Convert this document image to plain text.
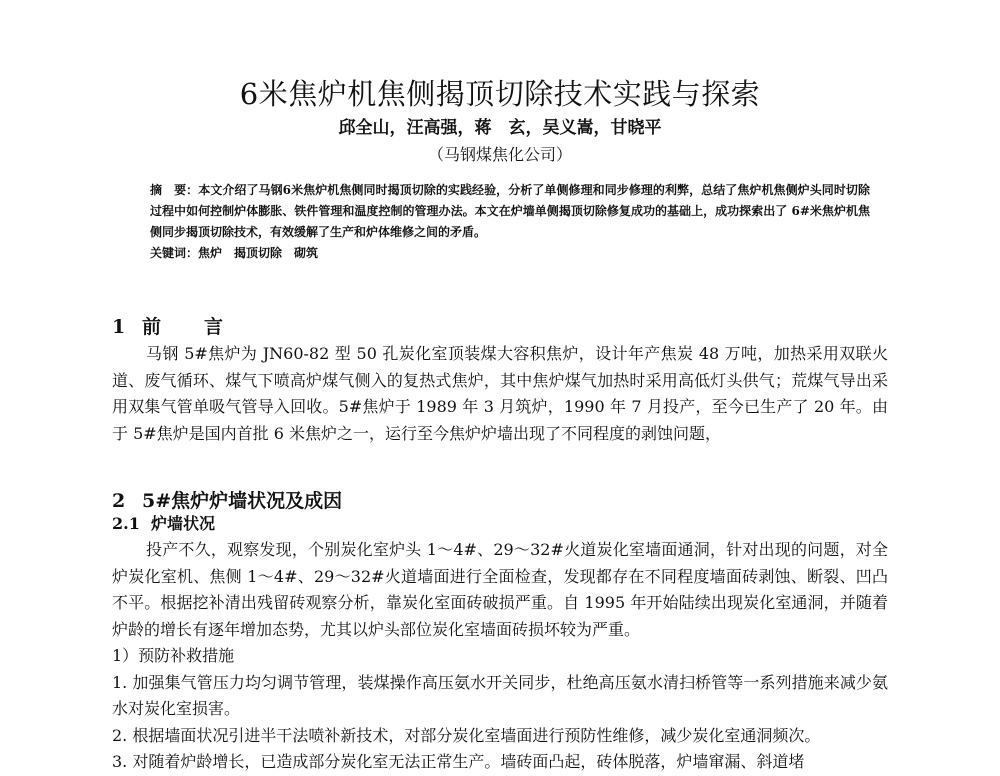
6米焦炉机焦侧揭顶切除技术实践与探索
邱全山，汪高强，蒋　玄，吴义嵩，甘晓平
（马钢煤焦化公司）

摘　要：本文介绍了马钢6米焦炉机焦侧同时揭顶切除的实践经验，分析了单侧修理和同步修理的利弊，总结了焦炉机焦侧炉头同时切除过程中如何控制炉体膨胀、铁件管理和温度控制的管理办法。本文在炉墙单侧揭顶切除修复成功的基础上，成功探索出了 6#米焦炉机焦侧同步揭顶切除技术，有效缓解了生产和炉体维修之间的矛盾。

关键词：焦炉　揭顶切除　砌筑

1 前　言

马钢 5#焦炉为 JN60-82 型 50 孔炭化室顶装煤大容积焦炉，设计年产焦炭 48 万吨，加热采用双联火道、废气循环、煤气下喷高炉煤气侧入的复热式焦炉，其中焦炉煤气加热时采用高低灯头供气；荒煤气导出采用双集气管单吸气管导入回收。5#焦炉于 1989 年 3 月筑炉，1990 年 7 月投产，至今已生产了 20 年。由于 5#焦炉是国内首批 6 米焦炉之一，运行至今焦炉炉墙出现了不同程度的剥蚀问题，

2 5#焦炉炉墙状况及成因
2.1 炉墙状况

投产不久，观察发现，个别炭化室炉头 1～4#、29～32#火道炭化室墙面通洞，针对出现的问题，对全炉炭化室机、焦侧 1～4#、29～32#火道墙面进行全面检查，发现都存在不同程度墙面砖剥蚀、断裂、凹凸不平。根据挖补清出残留砖观察分析，靠炭化室面砖破损严重。自 1995 年开始陆续出现炭化室通洞，并随着炉龄的增长有逐年增加态势，尤其以炉头部位炭化室墙面砖损坏较为严重。

1）预防补救措施

1. 加强集气管压力均匀调节管理，装煤操作高压氨水开关同步，杜绝高压氨水清扫桥管等一系列措施来减少氨水对炭化室损害。

2. 根据墙面状况引进半干法喷补新技术，对部分炭化室墙面进行预防性维修，减少炭化室通洞频次。

3. 对随着炉龄增长，已造成部分炭化室无法正常生产。墙砖面凸起，砖体脱落，炉墙窜漏、斜道堵
